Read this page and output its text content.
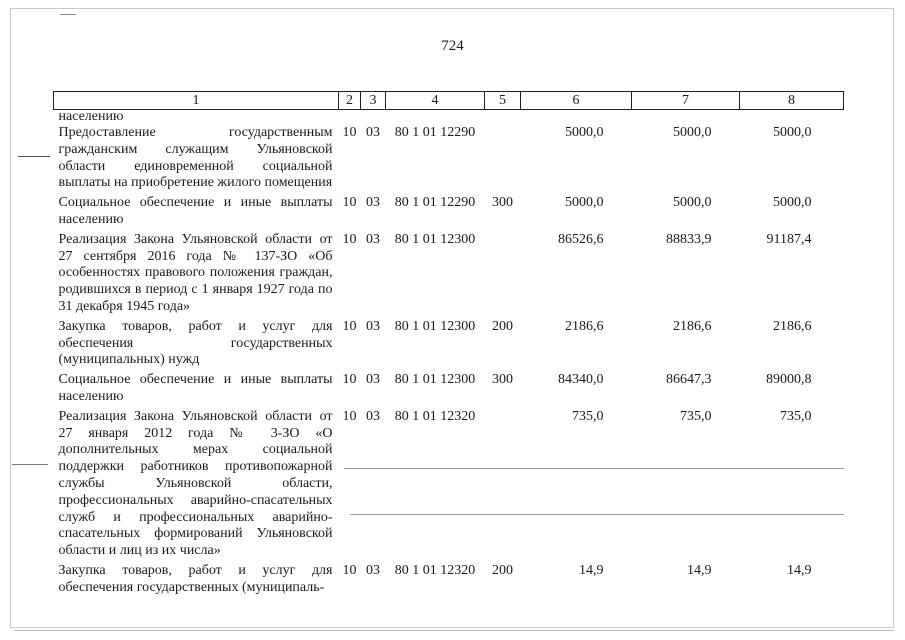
724
1	2	3	4	5	6	7	8
населению							
Предоставление государственным гражданским служащим Ульяновской области единовременной социальной выплаты на приобретение жилого помещения	10	03	80 1 01 12290		5000,0	5000,0	5000,0
Социальное обеспечение и иные выплаты населению	10	03	80 1 01 12290	300	5000,0	5000,0	5000,0
Реализация Закона Ульяновской области от 27 сентября 2016 года № 137-ЗО «Об особенностях правового положения граждан, родившихся в период с 1 января 1927 года по 31 декабря 1945 года»	10	03	80 1 01 12300		86526,6	88833,9	91187,4
Закупка товаров, работ и услуг для обеспечения государственных (муниципальных) нужд	10	03	80 1 01 12300	200	2186,6	2186,6	2186,6
Социальное обеспечение и иные выплаты населению	10	03	80 1 01 12300	300	84340,0	86647,3	89000,8
Реализация Закона Ульяновской области от 27 января 2012 года № 3-ЗО «О дополнительных мерах социальной поддержки работников противопожарной службы Ульяновской области, профессиональных аварийно-спасательных служб и профессиональных аварийно-спасательных формирований Ульяновской области и лиц из их числа»	10	03	80 1 01 12320		735,0	735,0	735,0
Закупка товаров, работ и услуг для обеспечения государственных (муниципаль-	10	03	80 1 01 12320	200	14,9	14,9	14,9
